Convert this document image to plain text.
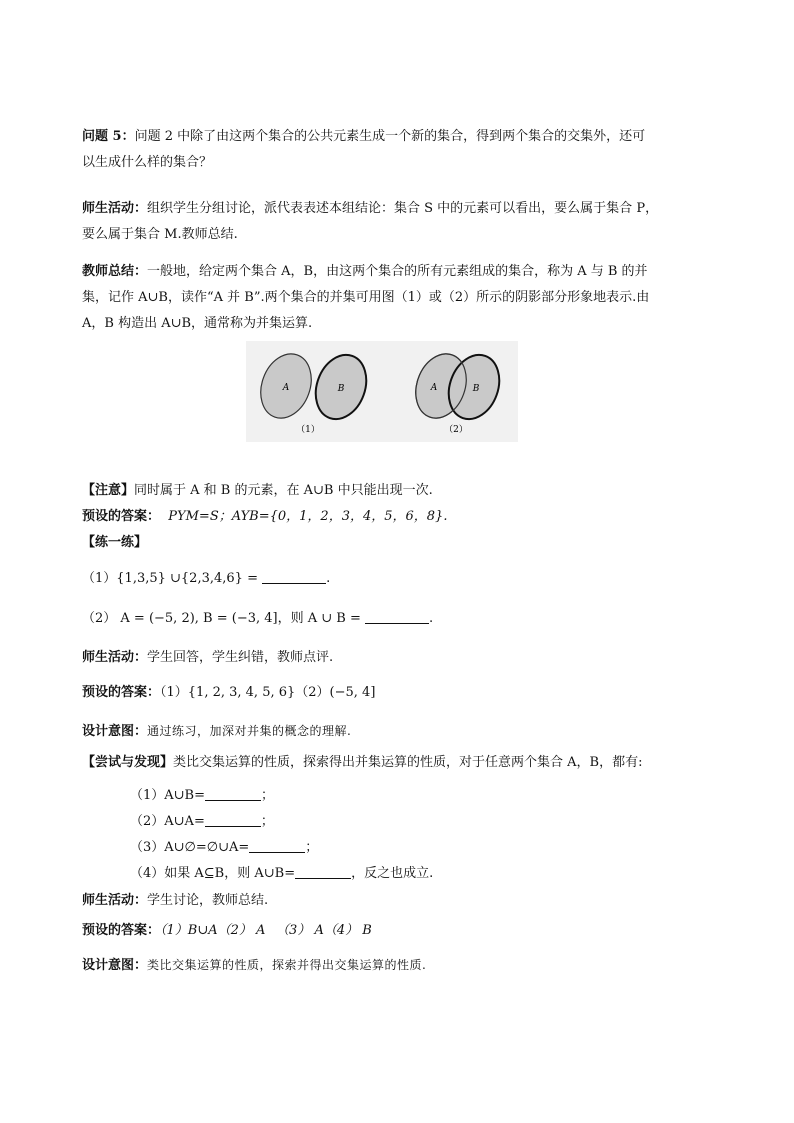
问题 5：问题 2 中除了由这两个集合的公共元素生成一个新的集合，得到两个集合的交集外，还可
以生成什么样的集合？
师生活动：组织学生分组讨论，派代表表述本组结论：集合 S 中的元素可以看出，要么属于集合 P，
要么属于集合 M.教师总结.
教师总结：一般地，给定两个集合 A，B，由这两个集合的所有元素组成的集合，称为 A 与 B 的并
集，记作 A∪B，读作“A 并 B”.两个集合的并集可用图（1）或（2）所示的阴影部分形象地表示.由
A，B 构造出 A∪B，通常称为并集运算.
A	B
（1）
A	B
（2）
【注意】同时属于 A 和 B 的元素，在 A∪B 中只能出现一次.
预设的答案： PYM=S；AYB={0，1，2，3，4，5，6，8}.
【练一练】
（1）{1,3,5} ∪{2,3,4,6} =	.
（2） A = (−5, 2), B = (−3, 4]，则 A ∪ B =	.
师生活动：学生回答，学生纠错，教师点评.
预设的答案：（1）{1, 2, 3, 4, 5, 6}（2）(−5, 4]
设计意图：通过练习，加深对并集的概念的理解.
【尝试与发现】类比交集运算的性质，探索得出并集运算的性质，对于任意两个集合 A，B，都有:
（1）A∪B=	；
（2）A∪A=	；
（3）A∪∅=∅∪A=	；
（4）如果 A⊆B，则 A∪B=	，反之也成立.
师生活动：学生讨论，教师总结.
预设的答案：（1）B∪A（2） A 　（3） A（4） B
设计意图：类比交集运算的性质，探索并得出交集运算的性质.
